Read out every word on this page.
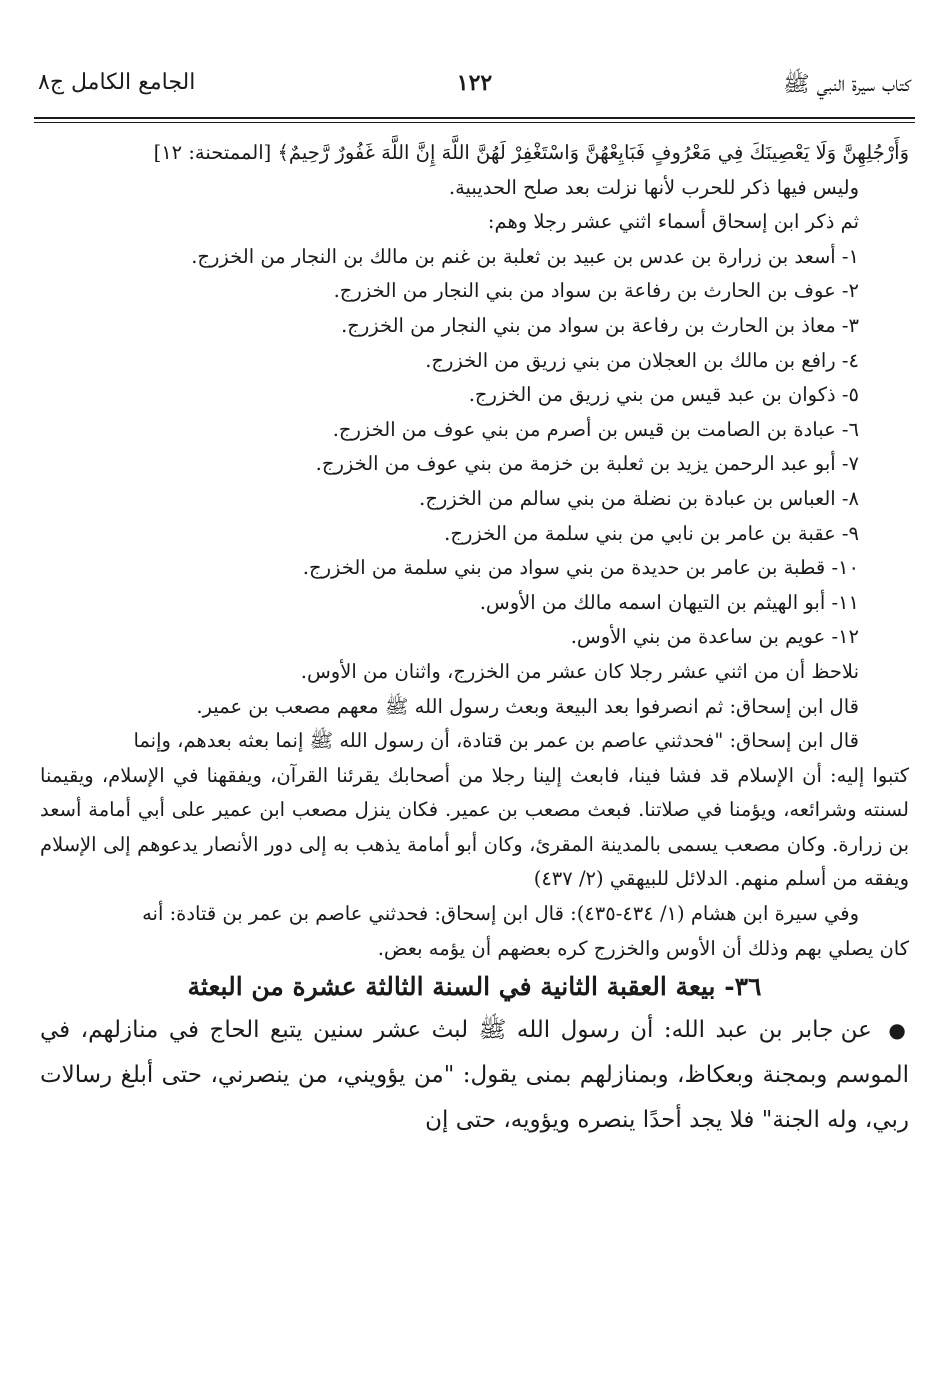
كتاب سيرة النبي ﷺ
١٢٢
الجامع الكامل ج٨

وَأَرْجُلِهِنَّ وَلَا يَعْصِينَكَ فِي مَعْرُوفٍ فَبَايِعْهُنَّ وَاسْتَغْفِرْ لَهُنَّ اللَّهَ إِنَّ اللَّهَ غَفُورٌ رَّحِيمٌ﴾ [الممتحنة: ١٢]

وليس فيها ذكر للحرب لأنها نزلت بعد صلح الحديبية.

ثم ذكر ابن إسحاق أسماء اثني عشر رجلا وهم:

١- أسعد بن زرارة بن عدس بن عبيد بن ثعلبة بن غنم بن مالك بن النجار من الخزرج.

٢- عوف بن الحارث بن رفاعة بن سواد من بني النجار من الخزرج.

٣- معاذ بن الحارث بن رفاعة بن سواد من بني النجار من الخزرج.

٤- رافع بن مالك بن العجلان من بني زريق من الخزرج.

٥- ذكوان بن عبد قيس من بني زريق من الخزرج.

٦- عبادة بن الصامت بن قيس بن أصرم من بني عوف من الخزرج.

٧- أبو عبد الرحمن يزيد بن ثعلبة بن خزمة من بني عوف من الخزرج.

٨- العباس بن عبادة بن نضلة من بني سالم من الخزرج.

٩- عقبة بن عامر بن نابي من بني سلمة من الخزرج.

١٠- قطبة بن عامر بن حديدة من بني سواد من بني سلمة من الخزرج.

١١- أبو الهيثم بن التيهان اسمه مالك من الأوس.

١٢- عويم بن ساعدة من بني الأوس.

نلاحظ أن من اثني عشر رجلا كان عشر من الخزرج، واثنان من الأوس.

قال ابن إسحاق: ثم انصرفوا بعد البيعة وبعث رسول الله ﷺ معهم مصعب بن عمير.

قال ابن إسحاق: "فحدثني عاصم بن عمر بن قتادة، أن رسول الله ﷺ إنما بعثه بعدهم، وإنما

كتبوا إليه: أن الإسلام قد فشا فينا، فابعث إلينا رجلا من أصحابك يقرئنا القرآن، ويفقهنا في الإسلام، ويقيمنا لسنته وشرائعه، ويؤمنا في صلاتنا. فبعث مصعب بن عمير. فكان ينزل مصعب ابن عمير على أبي أمامة أسعد بن زرارة. وكان مصعب يسمى بالمدينة المقرئ، وكان أبو أمامة يذهب به إلى دور الأنصار يدعوهم إلى الإسلام ويفقه من أسلم منهم. الدلائل للبيهقي (٢/ ٤٣٧)

وفي سيرة ابن هشام (١/ ٤٣٤-٤٣٥): قال ابن إسحاق: فحدثني عاصم بن عمر بن قتادة: أنه

كان يصلي بهم وذلك أن الأوس والخزرج كره بعضهم أن يؤمه بعض.

٣٦- بيعة العقبة الثانية في السنة الثالثة عشرة من البعثة

● عن جابر بن عبد الله: أن رسول الله ﷺ لبث عشر سنين يتبع الحاج في منازلهم، في الموسم وبمجنة وبعكاظ، وبمنازلهم بمنى يقول: "من يؤويني، من ينصرني، حتى أبلغ رسالات ربي، وله الجنة" فلا يجد أحدًا ينصره ويؤويه، حتى إن
